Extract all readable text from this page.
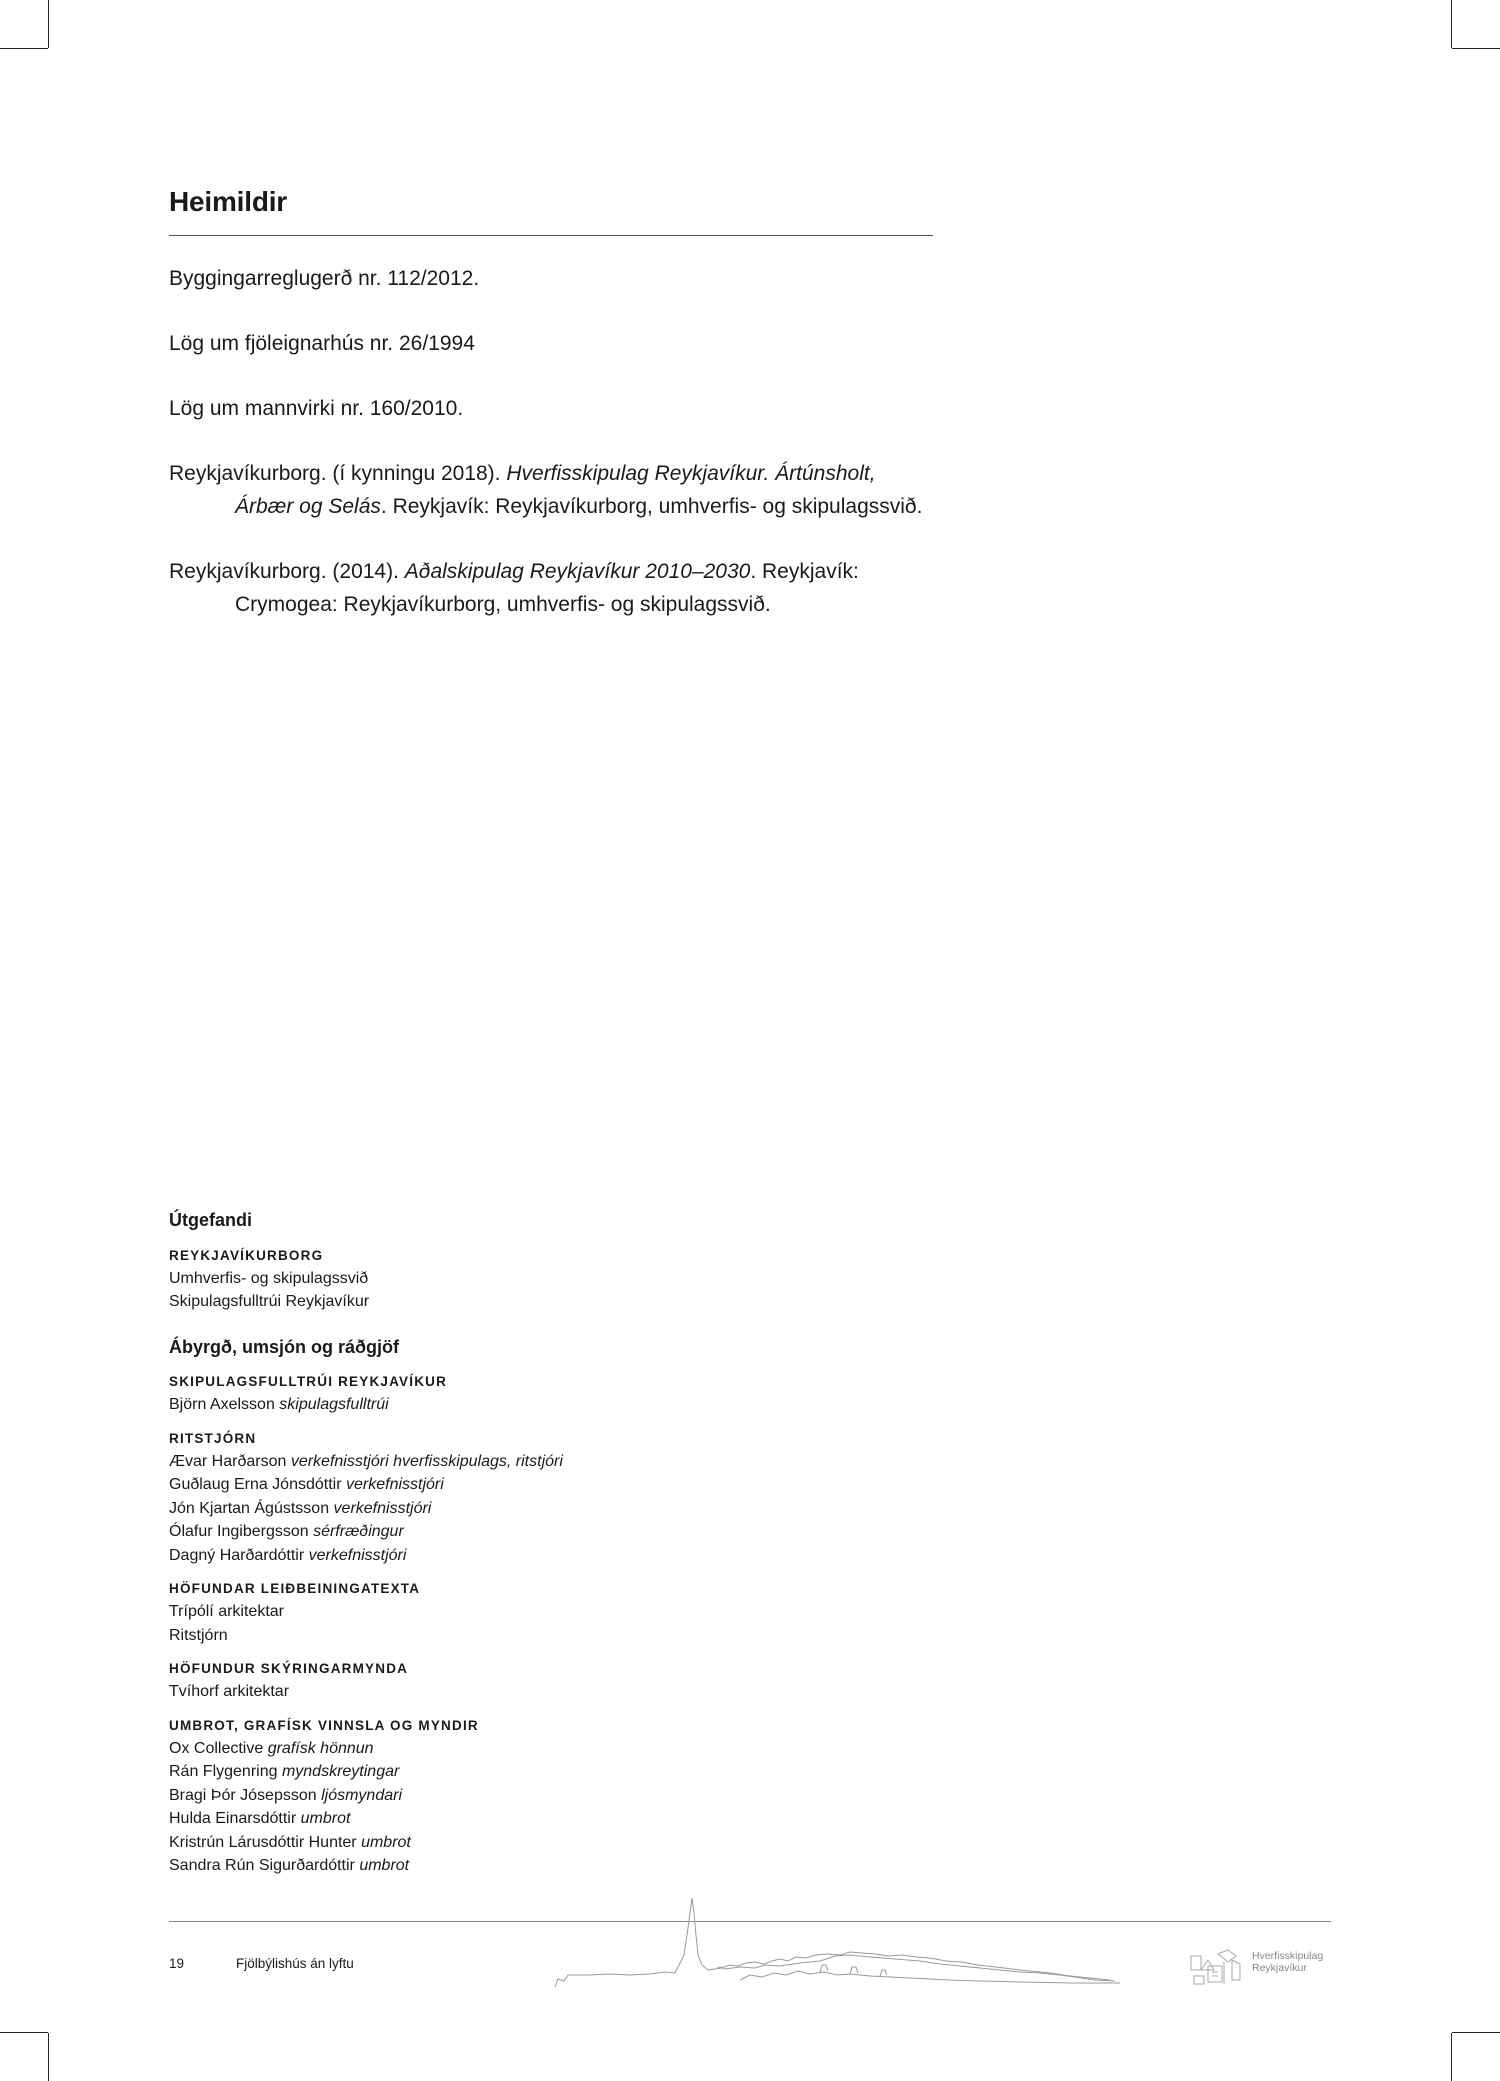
Heimildir

Byggingarreglugerð nr. 112/2012.

Lög um fjöleignarhús nr. 26/1994

Lög um mannvirki nr. 160/2010.

Reykjavíkurborg. (í kynningu 2018). Hverfisskipulag Reykjavíkur. Ártúnsholt, Árbær og Selás. Reykjavík: Reykjavíkurborg, umhverfis- og skipulagssvið.

Reykjavíkurborg. (2014). Aðalskipulag Reykjavíkur 2010–2030. Reykjavík: Crymogea: Reykjavíkurborg, umhverfis- og skipulagssvið.

Útgefandi
REYKJAVÍKURBORG
Umhverfis- og skipulagssvið
Skipulagsfulltrúi Reykjavíkur
Ábyrgð, umsjón og ráðgjöf
SKIPULAGSFULLTRÚI REYKJAVÍKUR
Björn Axelsson skipulagsfulltrúi
RITSTJÓRN
Ævar Harðarson verkefnisstjóri hverfisskipulags, ritstjóri
Guðlaug Erna Jónsdóttir verkefnisstjóri
Jón Kjartan Ágústsson verkefnisstjóri
Ólafur Ingibergsson sérfræðingur
Dagný Harðardóttir verkefnisstjóri
HÖFUNDAR LEIÐBEININGATEXTA
Trípólí arkitektar
Ritstjórn
HÖFUNDUR SKÝRINGARMYNDA
Tvíhorf arkitektar
UMBROT, GRAFÍSK VINNSLA OG MYNDIR
Ox Collective grafísk hönnun
Rán Flygenring myndskreytingar
Bragi Þór Jósepsson ljósmyndari
Hulda Einarsdóttir umbrot
Kristrún Lárusdóttir Hunter umbrot
Sandra Rún Sigurðardóttir umbrot
19	Fjölbýlishús án lyftu	Hverfisskipulag
Reykjavíkur
